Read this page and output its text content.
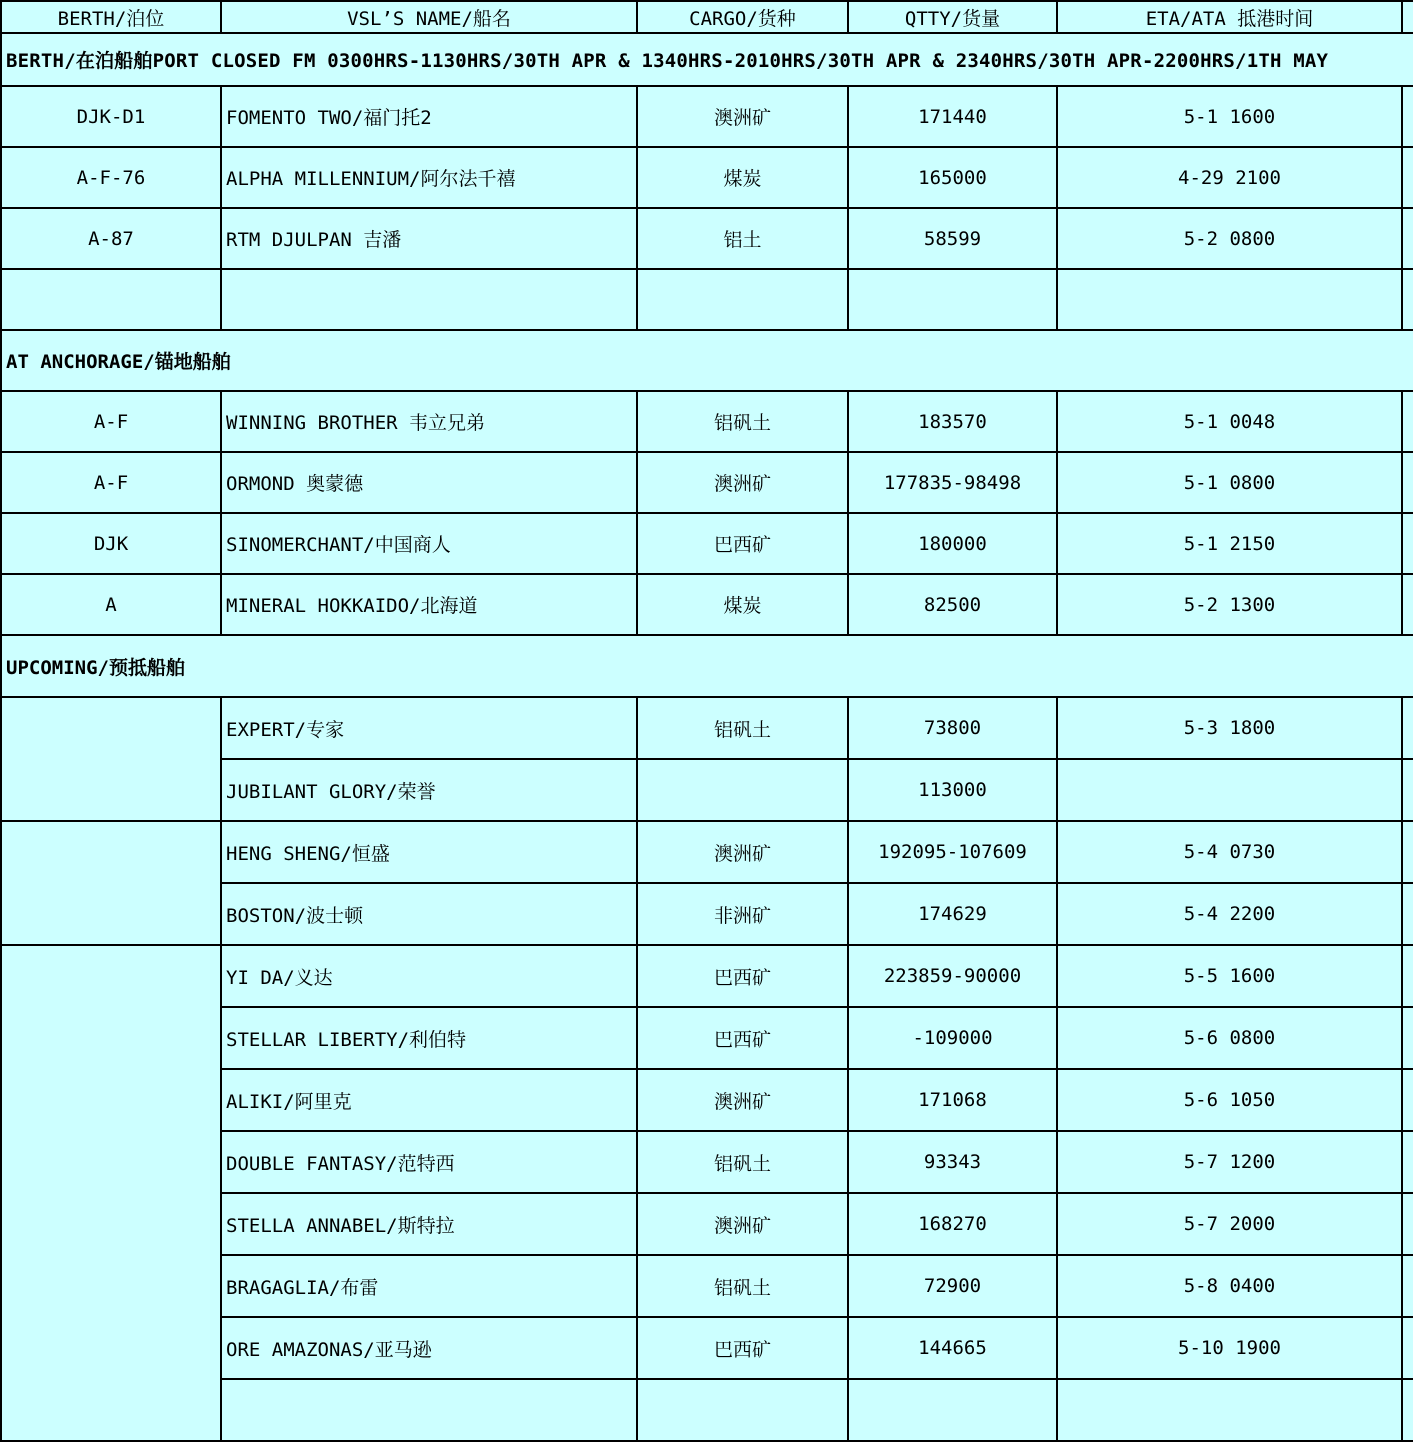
BERTH/泊位	VSL’S NAME/船名	CARGO/货种	QTTY/货量	ETA/ATA 抵港时间	
BERTH/在泊船舶PORT CLOSED FM 0300HRS-1130HRS/30TH APR & 1340HRS-2010HRS/30TH APR & 2340HRS/30TH APR-2200HRS/1TH MAY					
DJK-D1	FOMENTO TWO/福门托2	澳洲矿	171440	5-1 1600	
A-F-76	ALPHA MILLENNIUM/阿尔法千禧	煤炭	165000	4-29 2100	
A-87	RTM DJULPAN 吉潘	铝土	58599	5-2 0800	

AT ANCHORAGE/锚地船舶					
A-F	WINNING BROTHER 韦立兄弟	铝矾土	183570	5-1 0048	
A-F	ORMOND 奥蒙德	澳洲矿	177835-98498	5-1 0800	
DJK	SINOMERCHANT/中国商人	巴西矿	180000	5-1 2150	
A	MINERAL HOKKAIDO/北海道	煤炭	82500	5-2 1300	
UPCOMING/预抵船舶					
	EXPERT/专家	铝矾土	73800	5-3 1800	
	JUBILANT GLORY/荣誉		113000		
	HENG SHENG/恒盛	澳洲矿	192095-107609	5-4 0730	
	BOSTON/波士顿	非洲矿	174629	5-4 2200	
	YI DA/义达	巴西矿	223859-90000	5-5 1600	
	STELLAR LIBERTY/利伯特	巴西矿	-109000	5-6 0800	
	ALIKI/阿里克	澳洲矿	171068	5-6 1050	
	DOUBLE FANTASY/范特西	铝矾土	93343	5-7 1200	
	STELLA ANNABEL/斯特拉	澳洲矿	168270	5-7 2000	
	BRAGAGLIA/布雷	铝矾土	72900	5-8 0400	
	ORE AMAZONAS/亚马逊	巴西矿	144665	5-10 1900	
